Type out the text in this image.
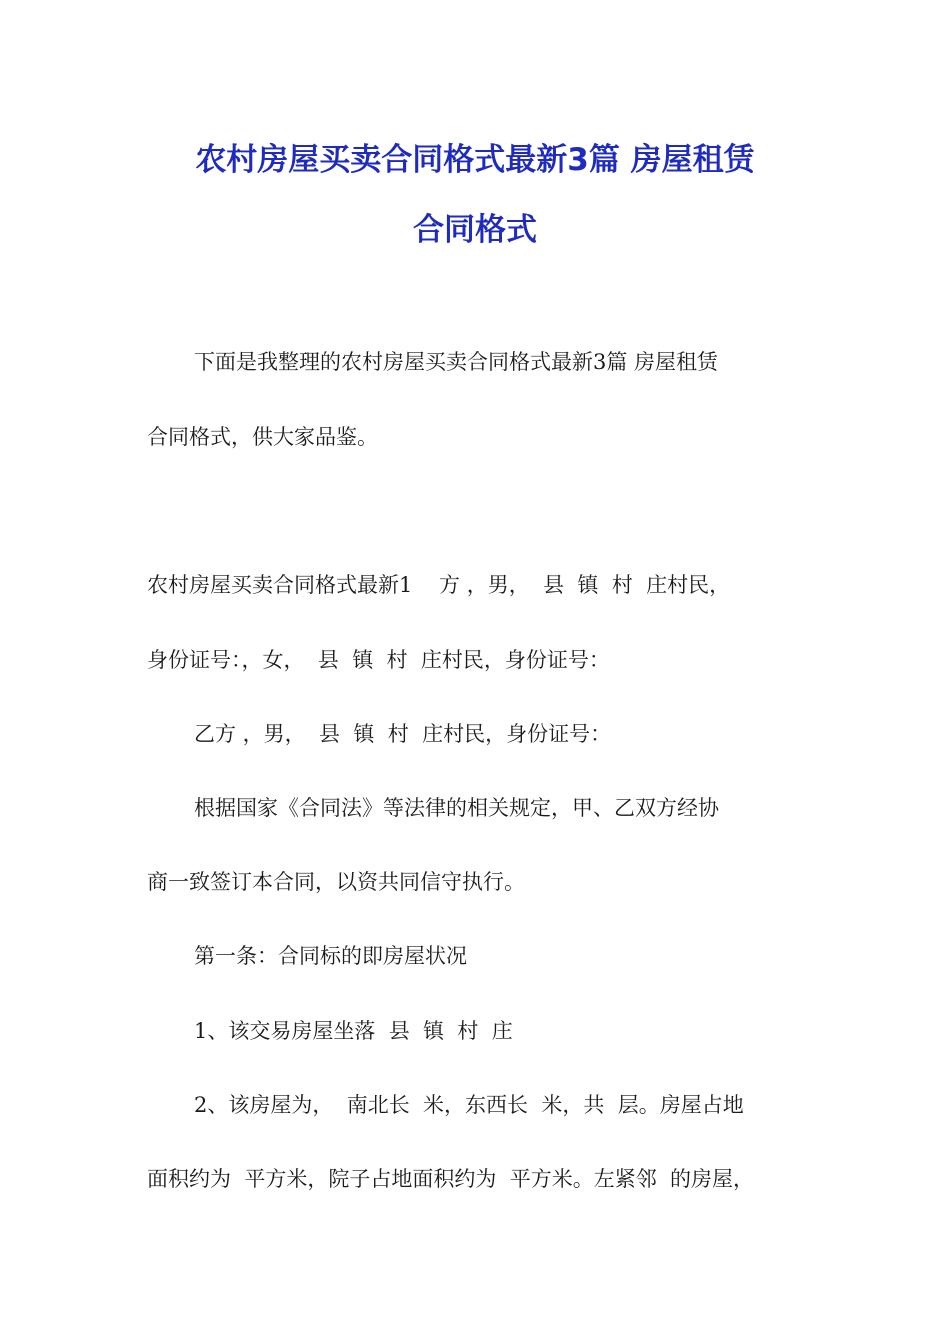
农村房屋买卖合同格式最新3篇 房屋租赁
合同格式
下面是我整理的农村房屋买卖合同格式最新3篇 房屋租赁
合同格式，供大家品鉴。
农村房屋买卖合同格式最新1    方 ，男，  县  镇  村  庄村民，
身份证号：，女，  县  镇  村  庄村民，身份证号：
乙方 ，男，  县  镇  村  庄村民，身份证号：
根据国家《合同法》等法律的相关规定，甲、乙双方经协
商一致签订本合同，以资共同信守执行。
第一条：合同标的即房屋状况
1、该交易房屋坐落  县  镇  村  庄
2、该房屋为，  南北长  米，东西长  米，共  层。房屋占地
面积约为  平方米，院子占地面积约为  平方米。左紧邻  的房屋，
